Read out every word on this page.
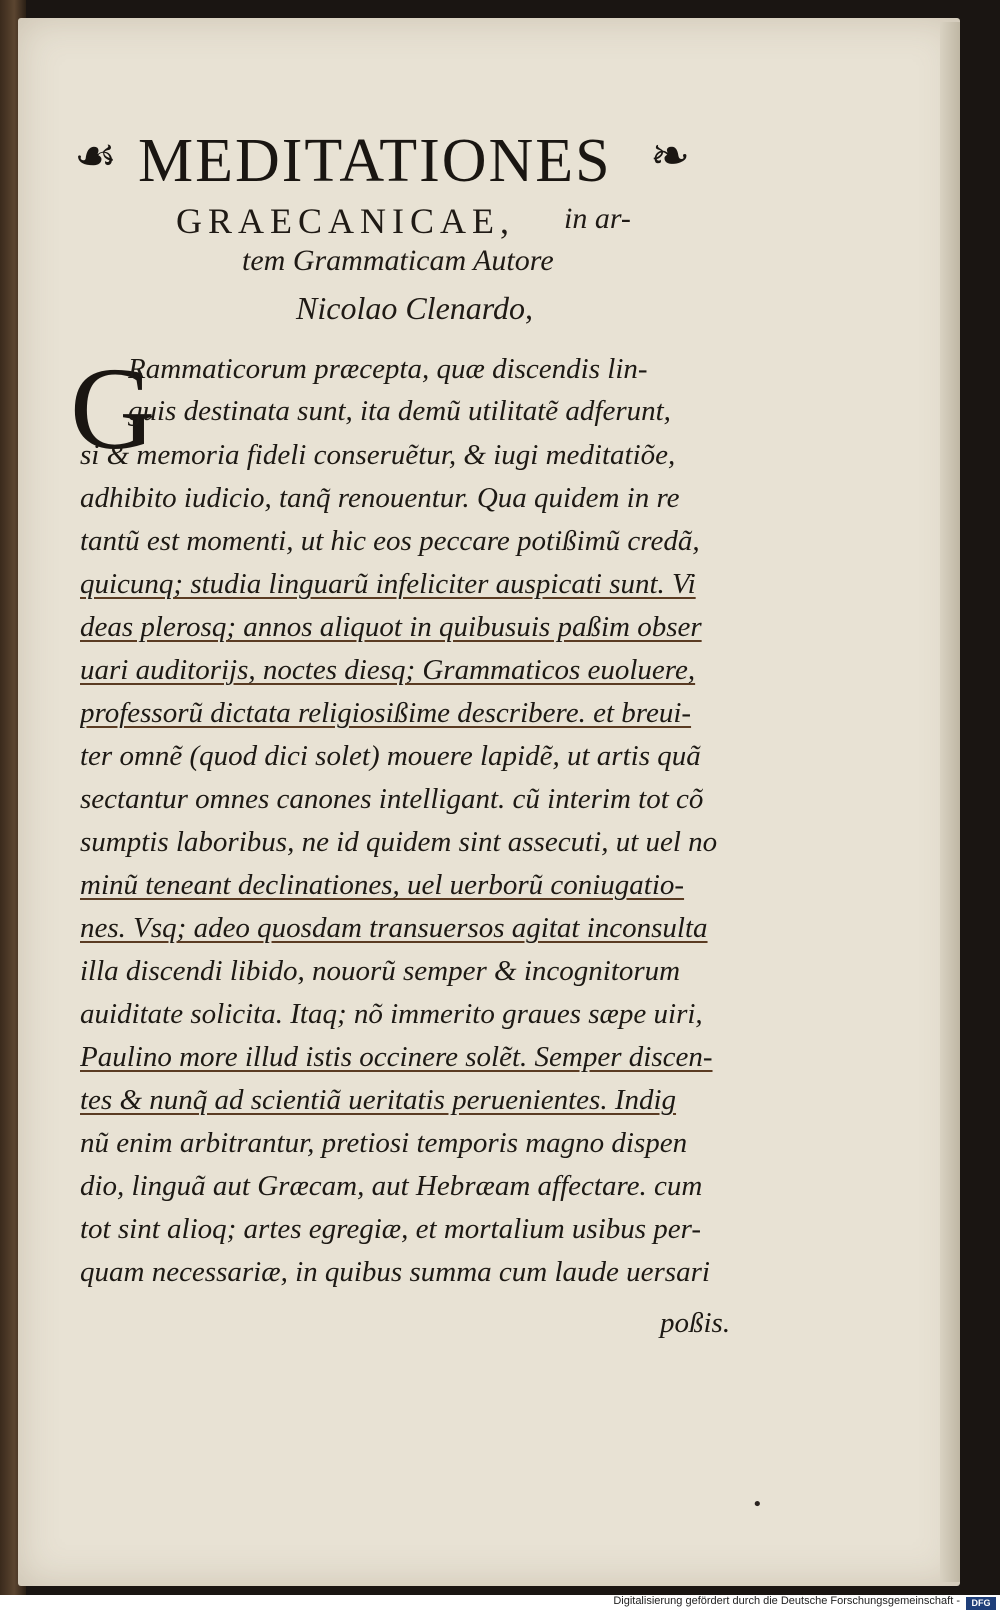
☙ MEDITATIONES ❧
GRAECANICAE, in ar-
tem Grammaticam Autore
Nicolao Clenardo,
G
Rammaticorum præcepta, quæ discendis lin-
guis destinata sunt, ita demũ utilitatẽ adferunt,
si & memoria fideli conseruẽtur, & iugi meditatiõe,
adhibito iudicio, tanq̃ renouentur. Qua quidem in re
tantũ est momenti, ut hic eos peccare potißimũ credã,
quicunq; studia linguarũ infeliciter auspicati sunt. Vi
deas plerosq; annos aliquot in quibusuis paßim obser
uari auditorijs, noctes diesq; Grammaticos euoluere,
professorũ dictata religiosißime describere. et breui-
ter omnẽ (quod dici solet) mouere lapidẽ, ut artis quã
sectantur omnes canones intelligant. cũ interim tot cõ
sumptis laboribus, ne id quidem sint assecuti, ut uel no
minũ teneant declinationes, uel uerborũ coniugatio-
nes. Vsq; adeo quosdam transuersos agitat inconsulta
illa discendi libido, nouorũ semper & incognitorum
auiditate solicita. Itaq; nõ immerito graues sæpe uiri,
Paulino more illud istis occinere solẽt. Semper discen-
tes & nunq̃ ad scientiã ueritatis peruenientes. Indig
nũ enim arbitrantur, pretiosi temporis magno dispen
dio, linguã aut Græcam, aut Hebræam affectare. cum
tot sint alioq; artes egregiæ, et mortalium usibus per-
quam necessariæ, in quibus summa cum laude uersari
poßis.
•
Digitalisierung gefördert durch die Deutsche Forschungsgemeinschaft -	DFG
